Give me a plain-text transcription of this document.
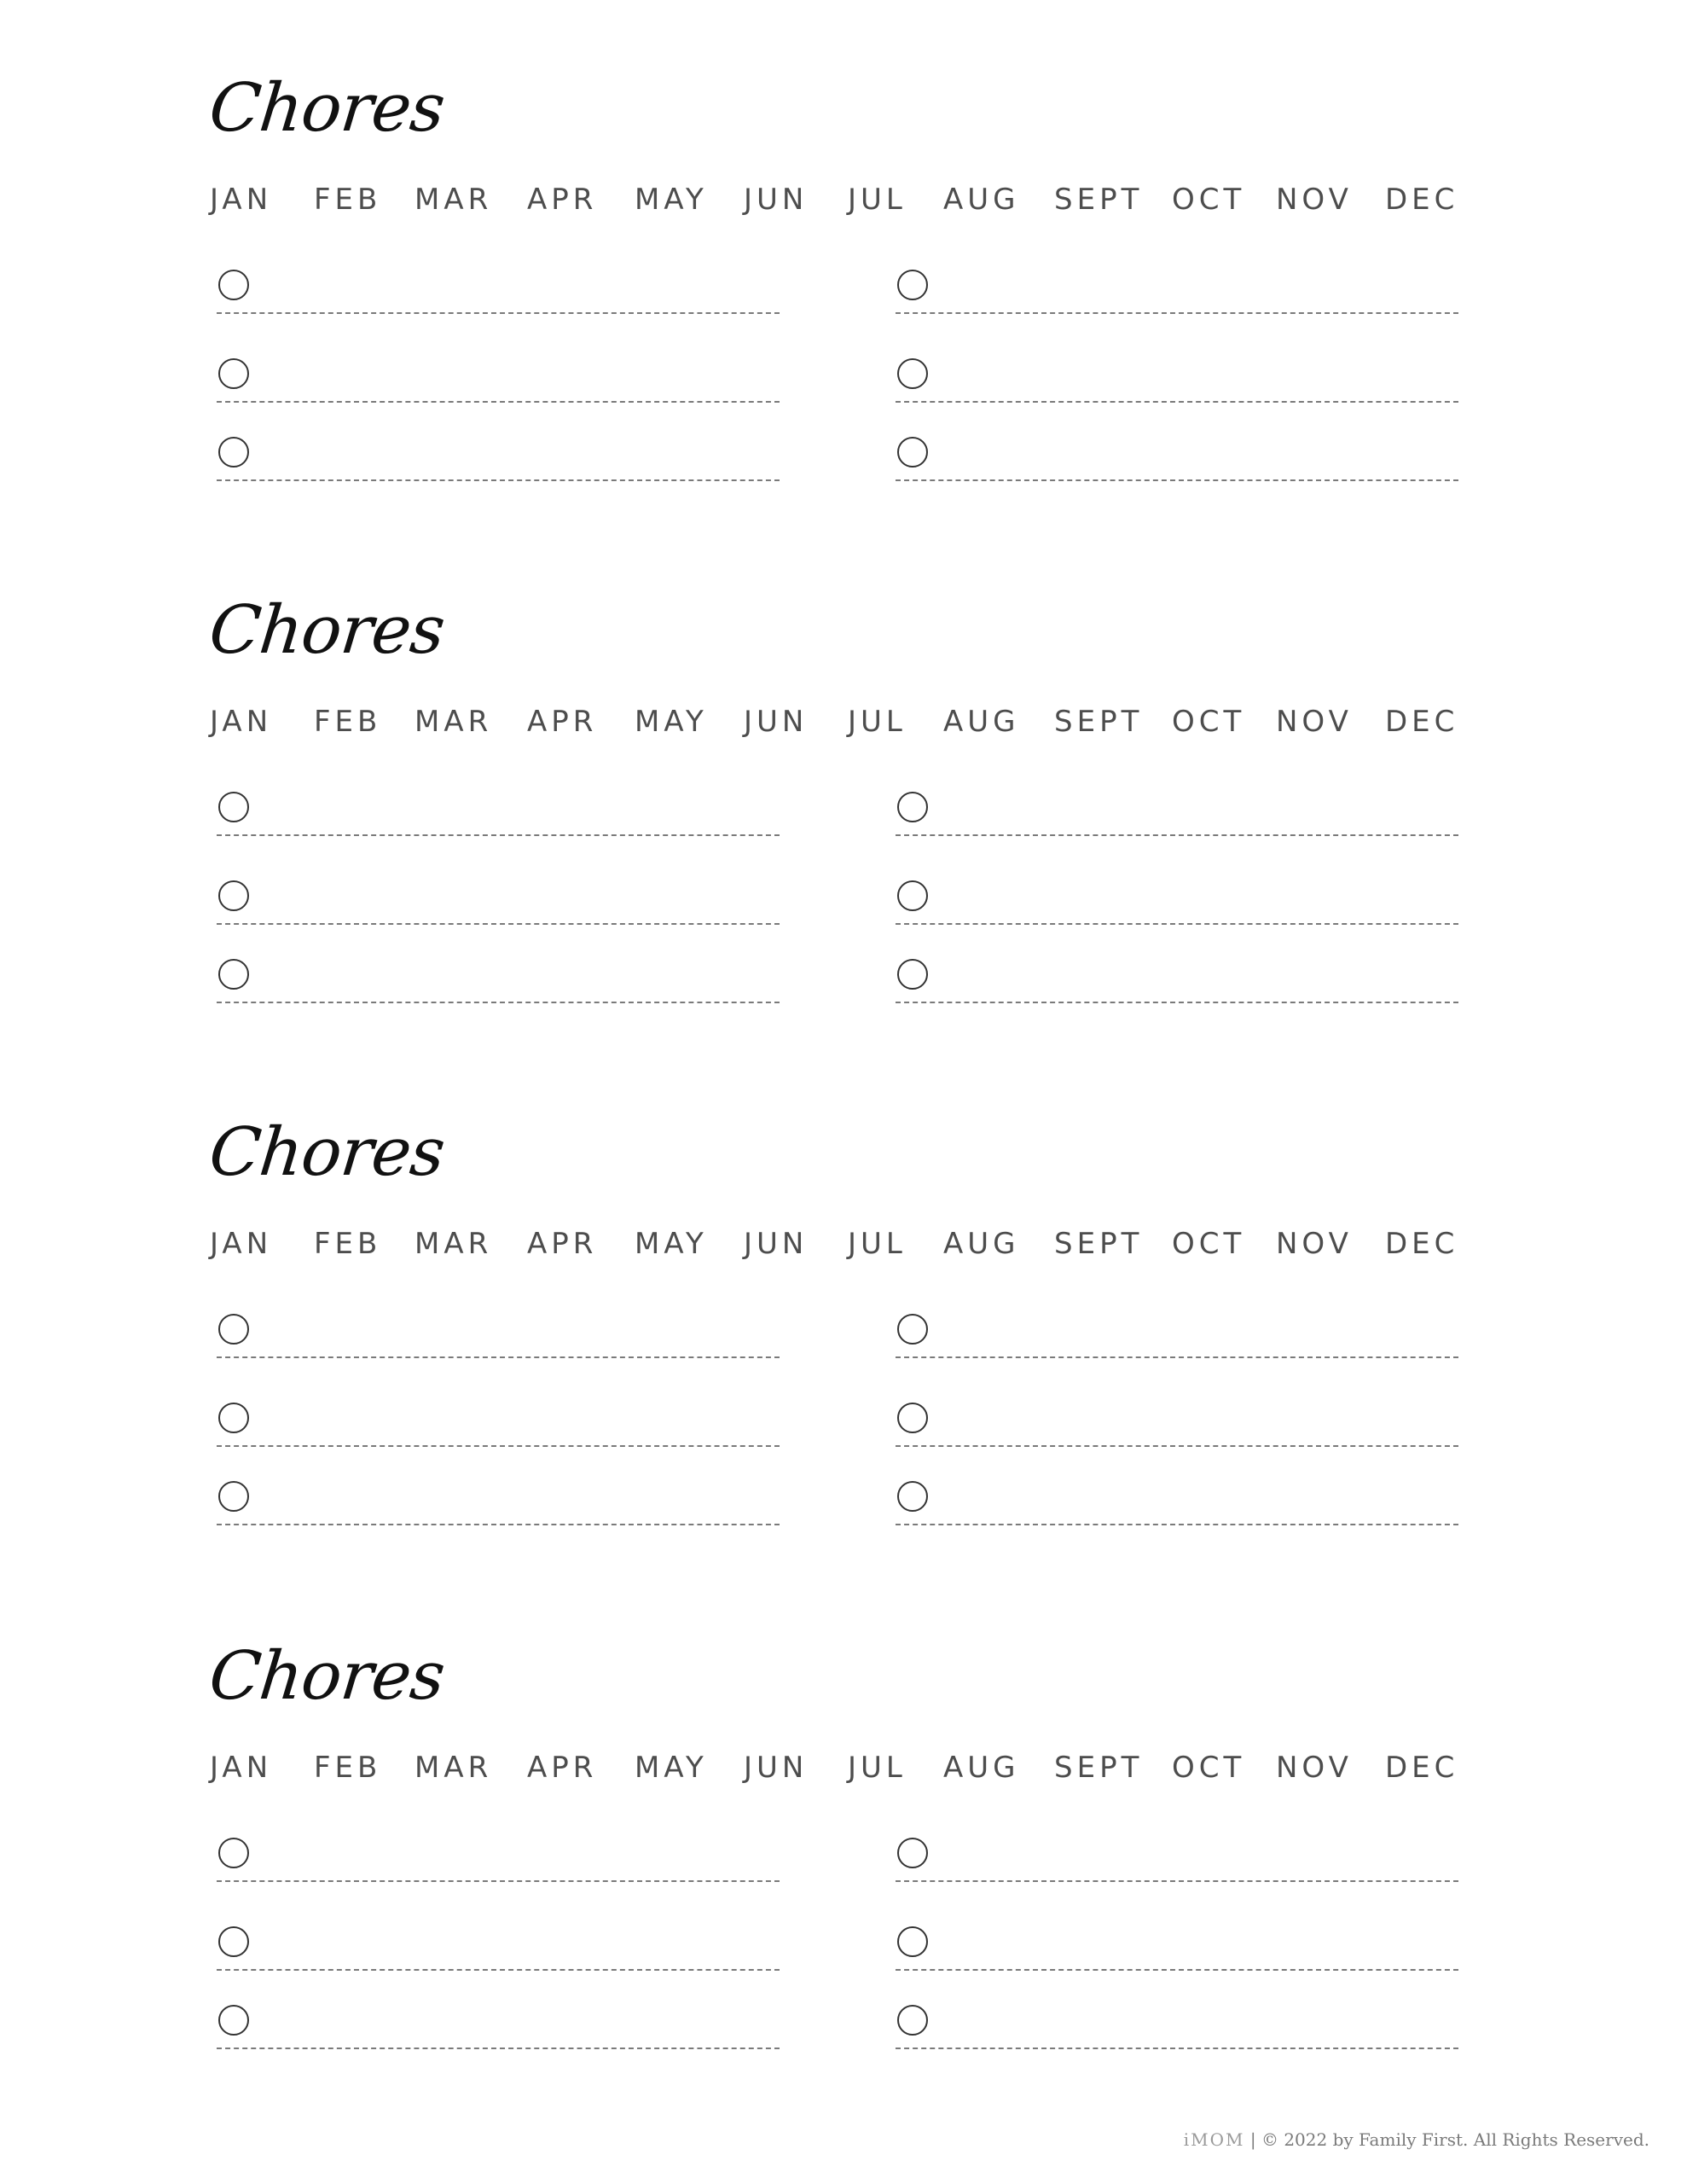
Chores
JAN FEB MAR APR MAY JUN JUL AUG SEPT OCT NOV DEC
Chores
JAN FEB MAR APR MAY JUN JUL AUG SEPT OCT NOV DEC
Chores
JAN FEB MAR APR MAY JUN JUL AUG SEPT OCT NOV DEC
Chores
JAN FEB MAR APR MAY JUN JUL AUG SEPT OCT NOV DEC
iMOM | © 2022 by Family First. All Rights Reserved.
